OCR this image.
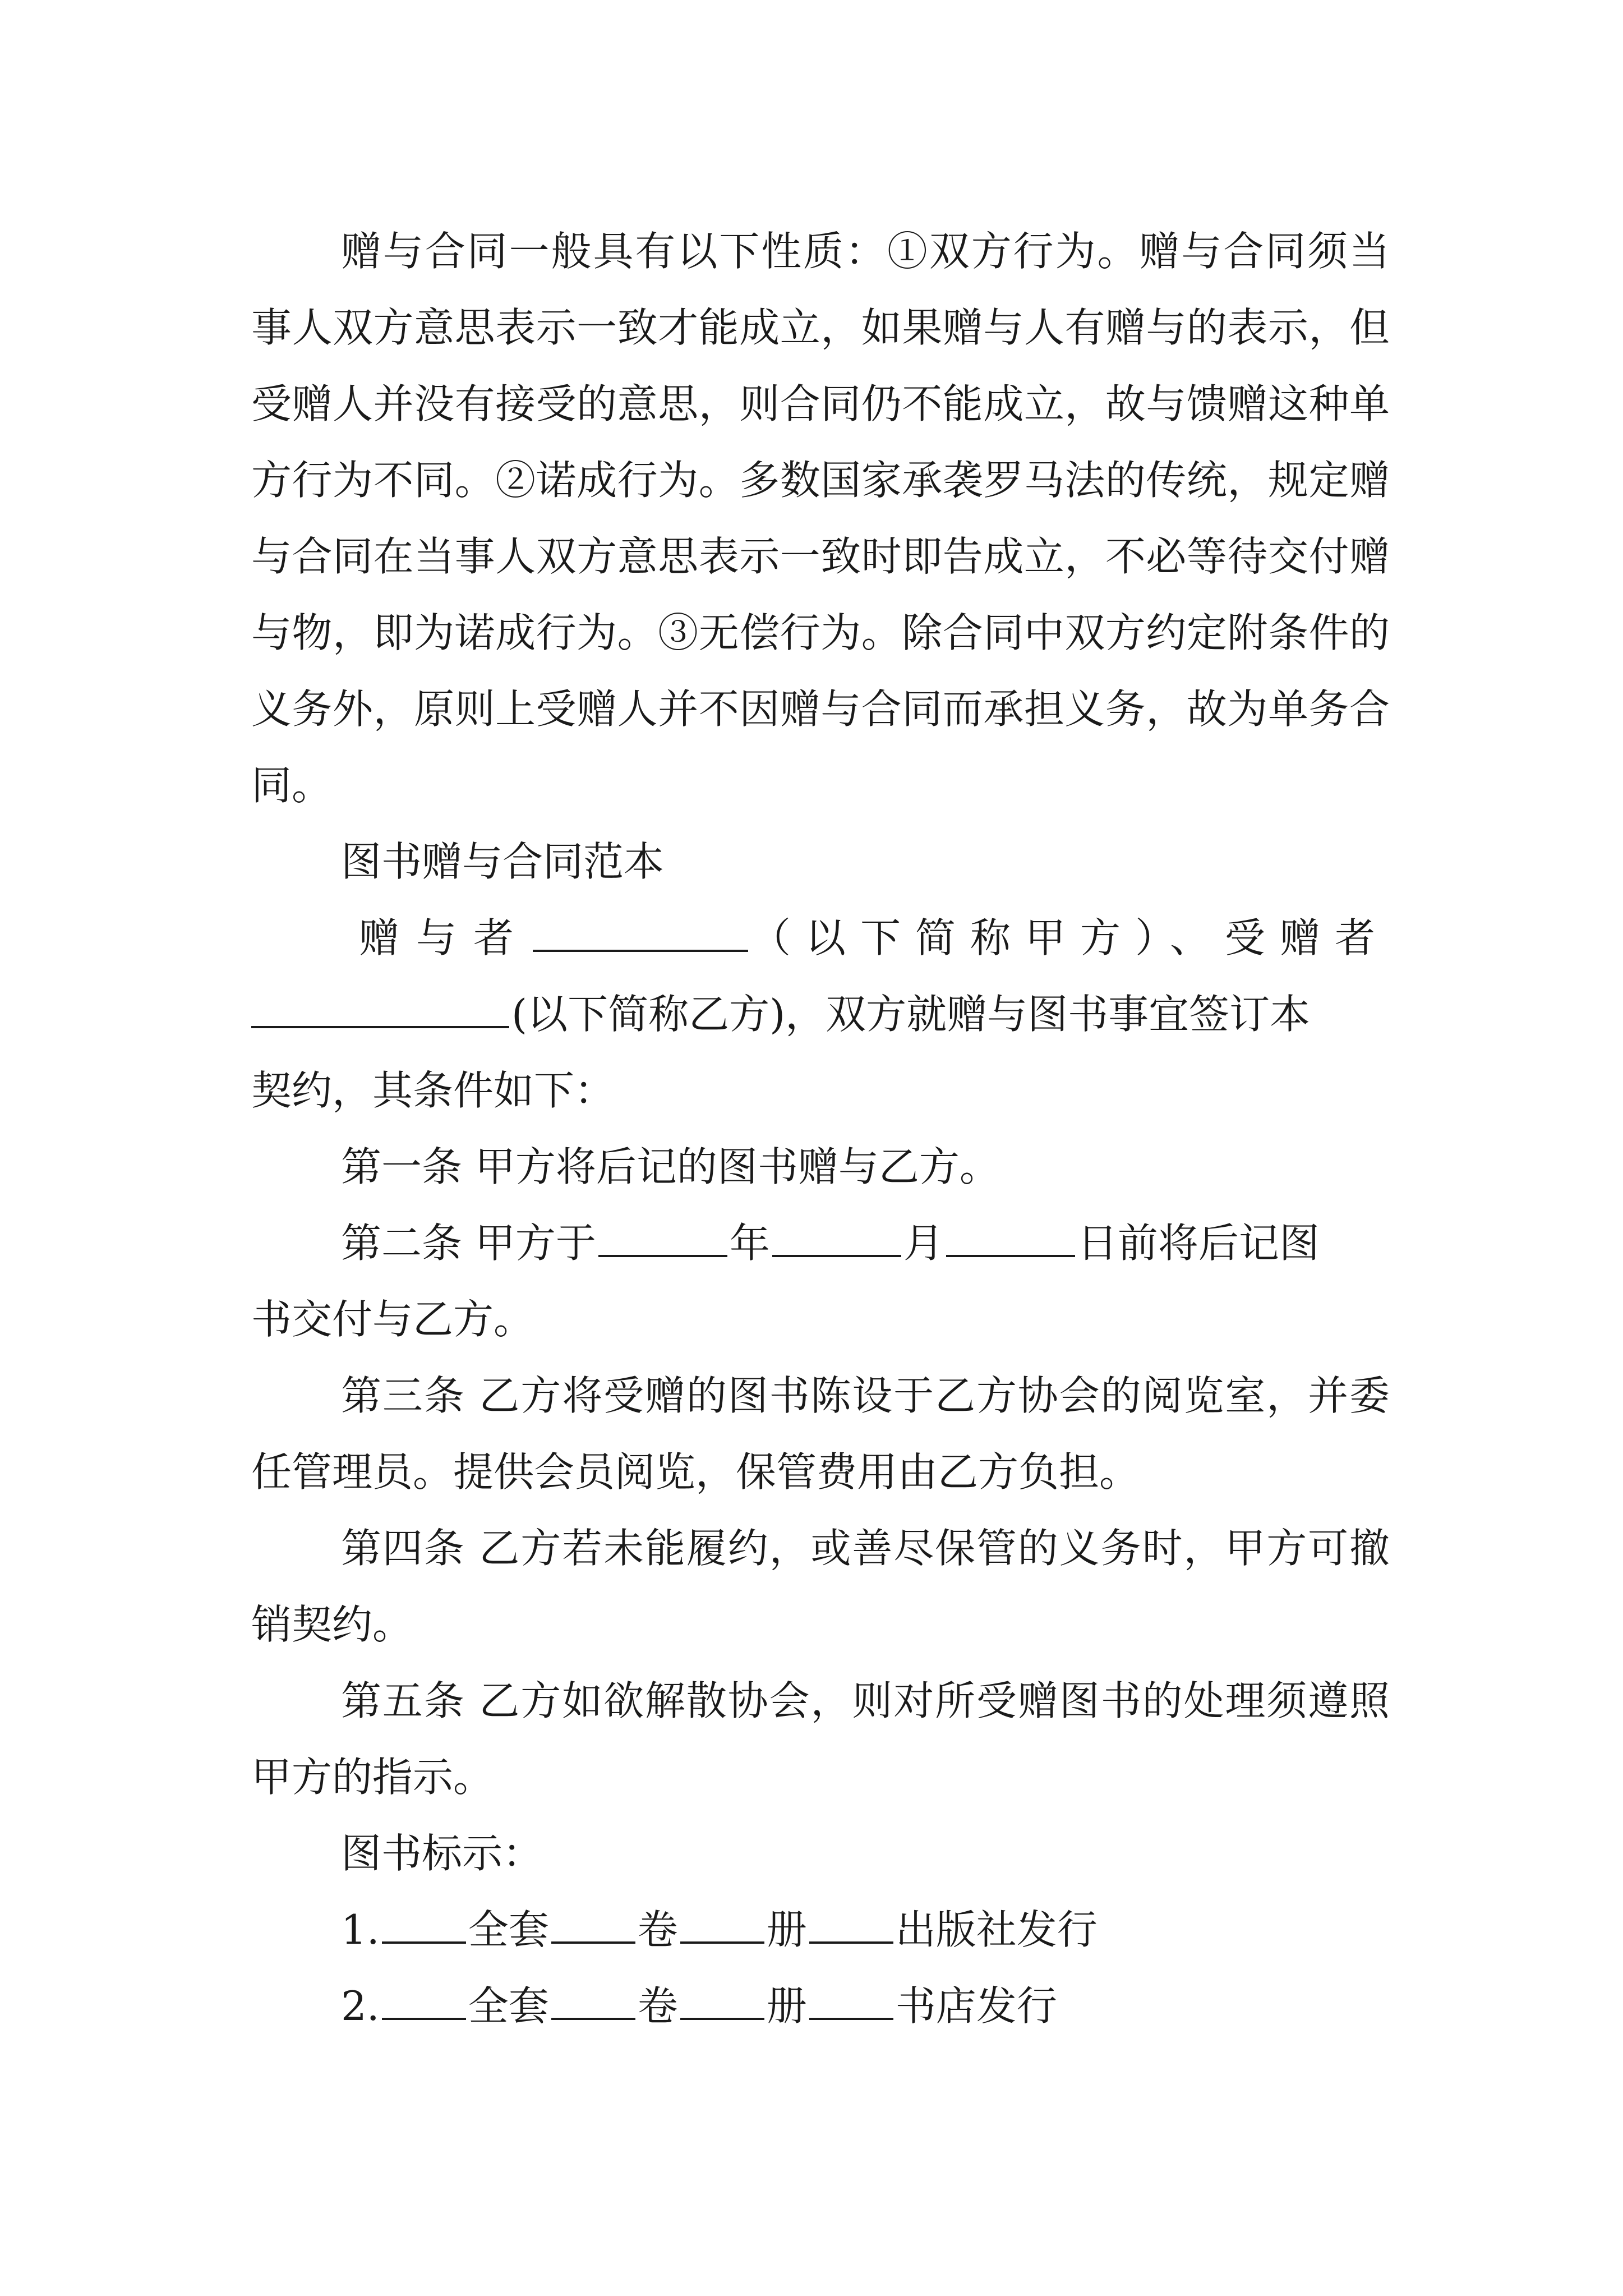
赠与合同一般具有以下性质：①双方行为。赠与合同须当事人双方意思表示一致才能成立，如果赠与人有赠与的表示，但受赠人并没有接受的意思，则合同仍不能成立，故与馈赠这种单方行为不同。②诺成行为。多数国家承袭罗马法的传统，规定赠与合同在当事人双方意思表示一致时即告成立，不必等待交付赠与物，即为诺成行为。③无偿行为。除合同中双方约定附条件的义务外，原则上受赠人并不因赠与合同而承担义务，故为单务合同。

图书赠与合同范本

赠与者	（以下简称甲方）、受赠者
(以下简称乙方)，双方就赠与图书事宜签订本

契约，其条件如下：

第一条 甲方将后记的图书赠与乙方。

第二条 甲方于	年	月	日前将后记图

书交付与乙方。

第三条 乙方将受赠的图书陈设于乙方协会的阅览室，并委任管理员。提供会员阅览，保管费用由乙方负担。

第四条 乙方若未能履约，或善尽保管的义务时，甲方可撤销契约。

第五条 乙方如欲解散协会，则对所受赠图书的处理须遵照甲方的指示。

图书标示：

1. 全套 卷 册 出版社发行
2. 全套 卷 册 书店发行
